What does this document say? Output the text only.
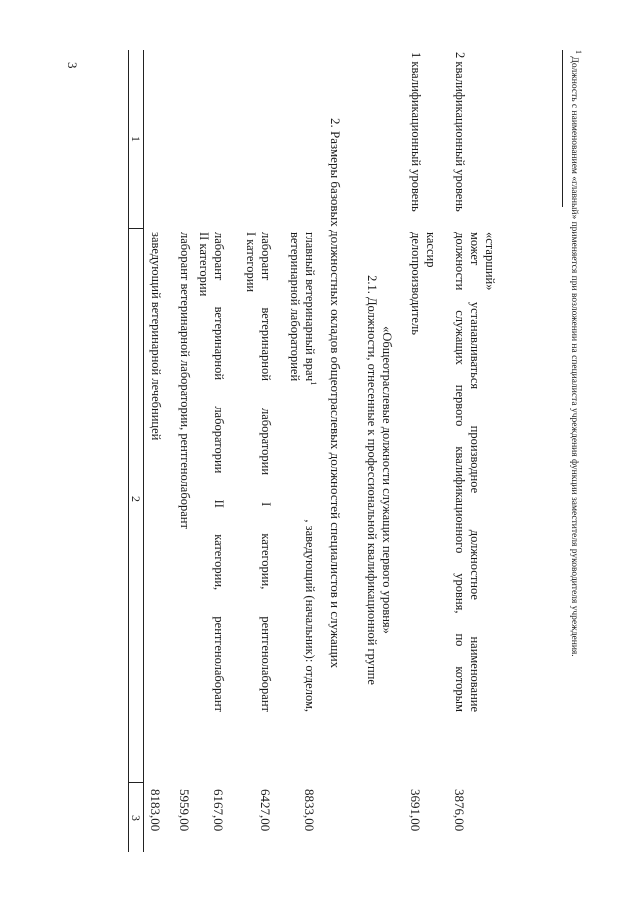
3
1
2
3
заведующий ветеринарной лечебницей
8183,00
лаборант ветеринарной лаборатории, рентгенолаборант
5959,00
лаборант ветеринарной лаборатории II категории, рентгенолаборант
II категории
6167,00
лаборант ветеринарной лаборатории I категории, рентгенолаборант
I категории
6427,00
главный ветеринарный врач$^1$
, заведующий (начальник): отделом,
ветеринарной лабораторией
8833,00
2. Размеры базовых должностных окладов общеотраслевых должностей специалистов и служащих 2.1. Должности, отнесенные к профессиональной квалификационной группе «Общеотраслевые должности служащих первого уровня»
1 квалификационный уровень
делопроизводитель кассир
3691,00
2 квалификационный уровень
должности служащих первого квалификационного уровня, по которым может устанавливаться производное должностное наименование «старший»
3876,00
$^1$ Должность с наименованием «главный» применяется при возложении на специалиста учреждения функции заместителя руководителя учреждения.
